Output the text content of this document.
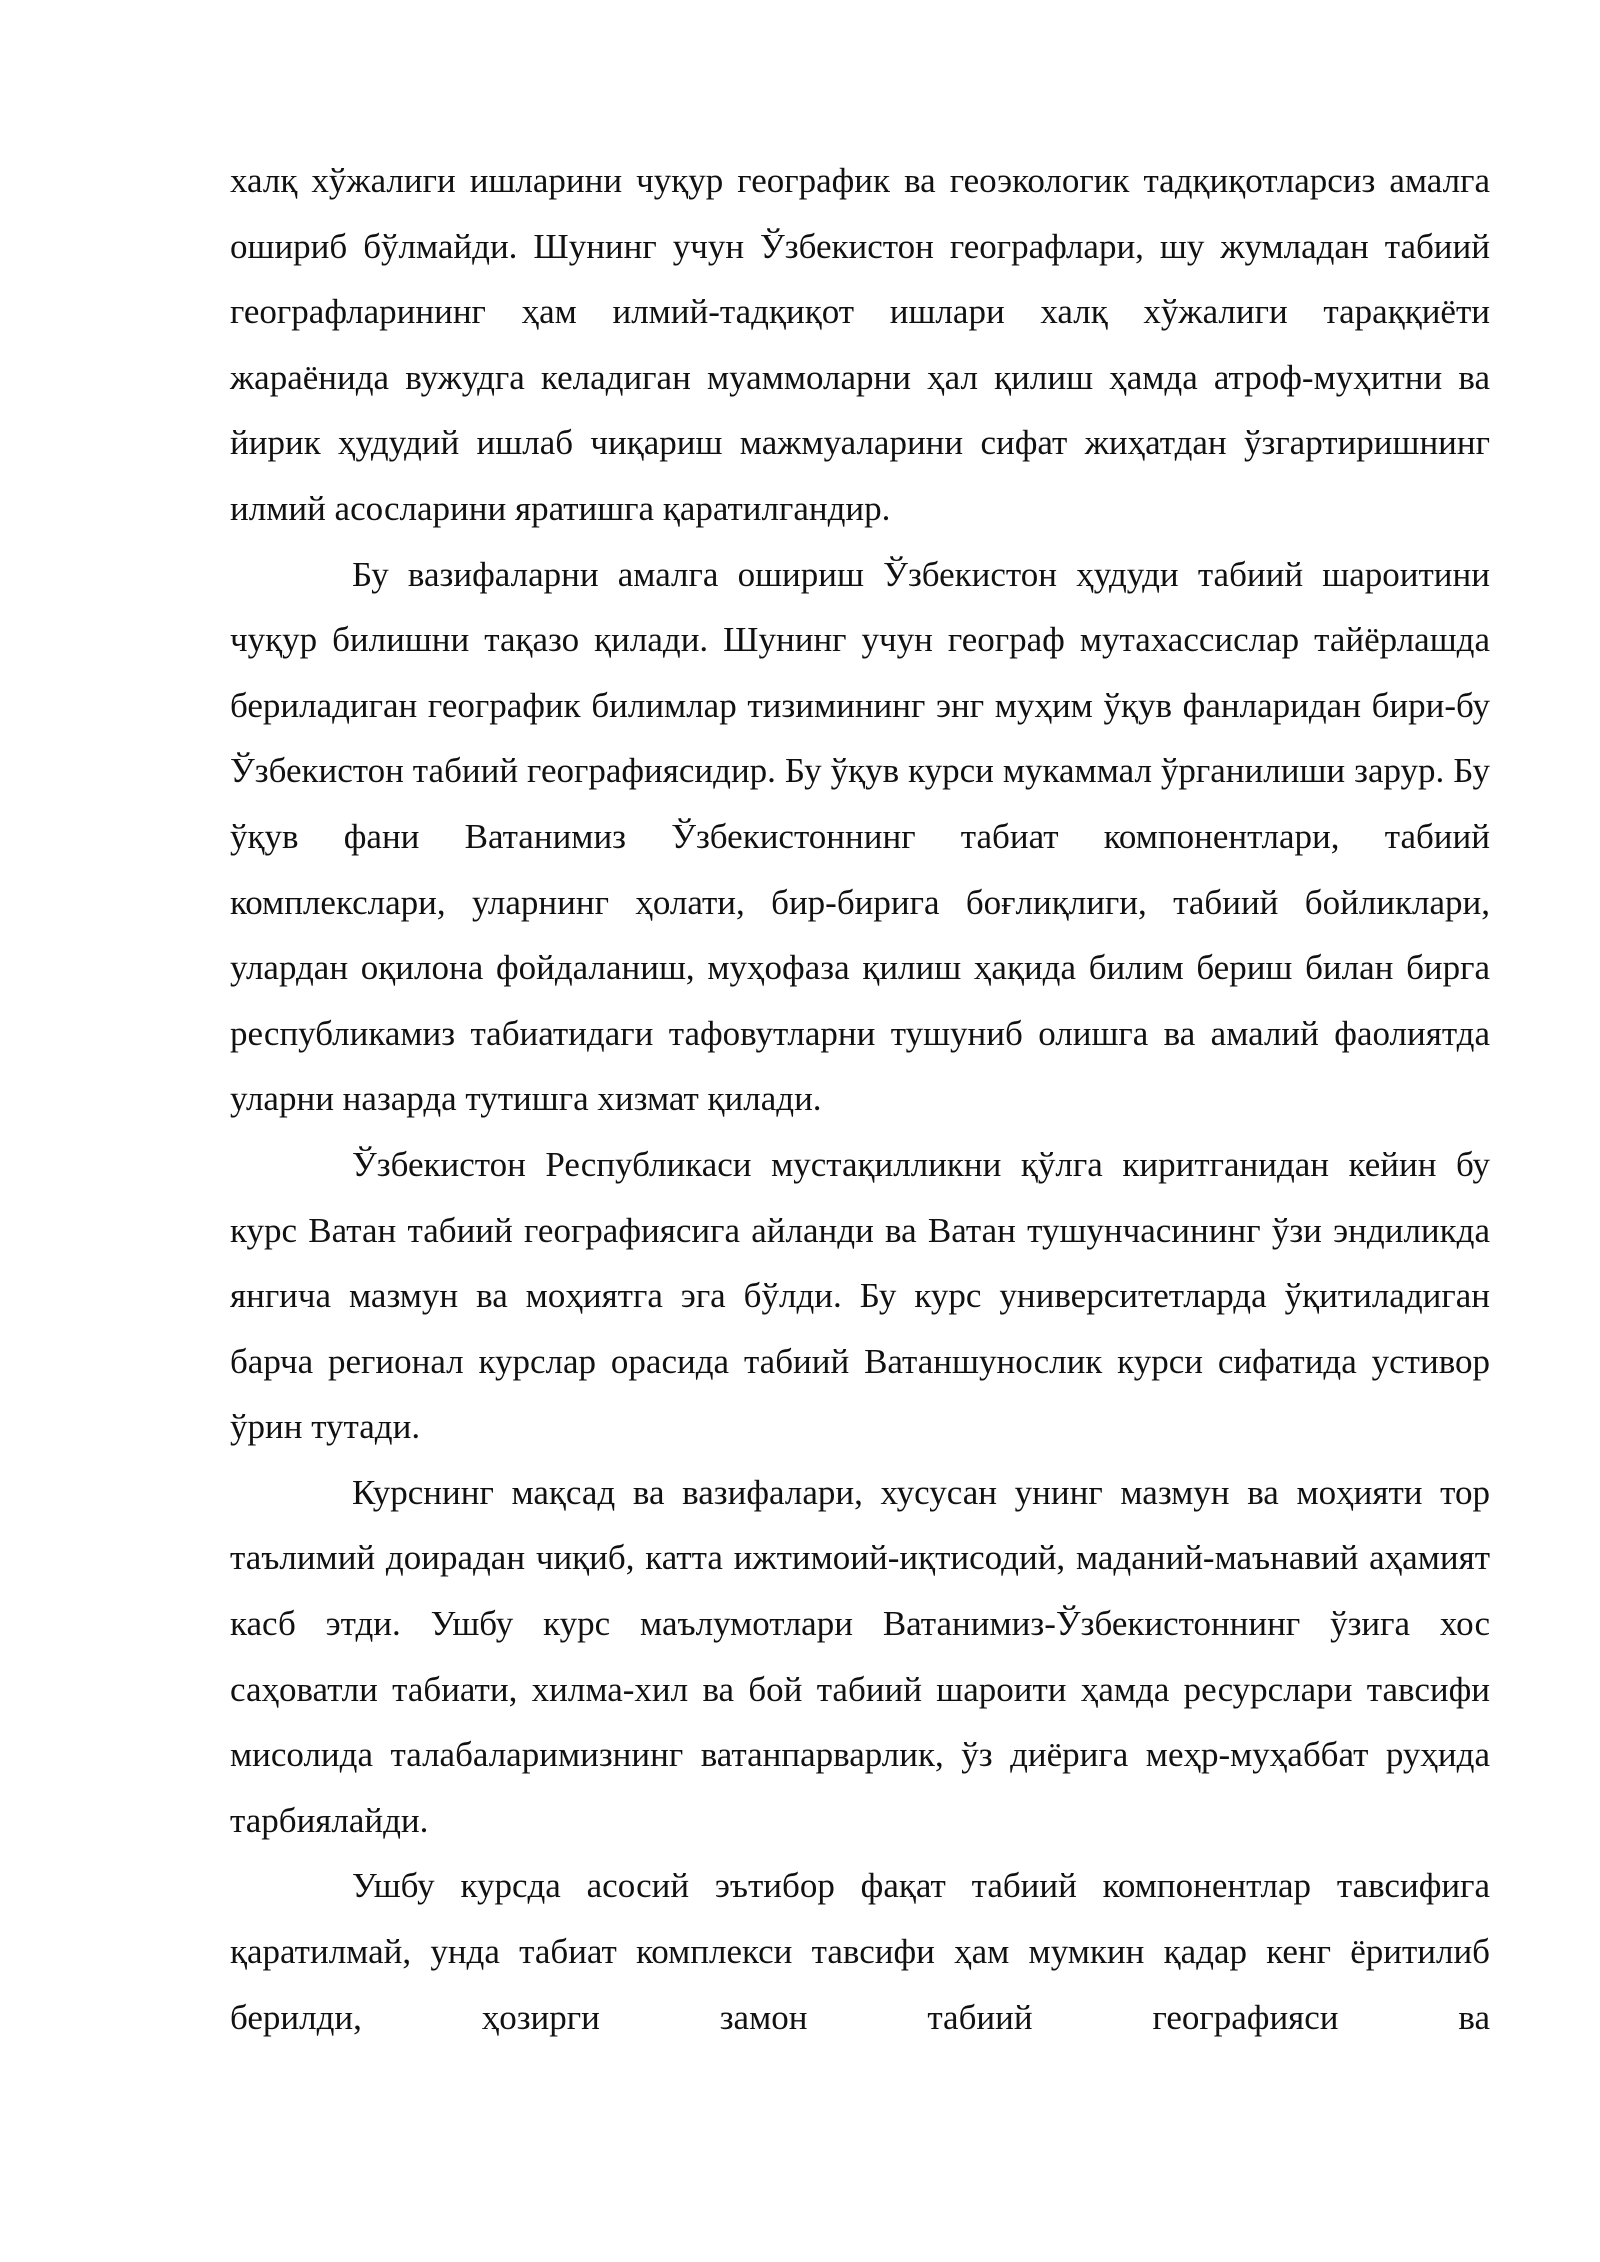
халқ хўжалиги ишларини чуқур географик ва геоэкологик тадқиқотларсиз амалга ошириб бўлмайди. Шунинг учун Ўзбекистон географлари, шу жумладан табиий географларининг ҳам илмий-тадқиқот ишлари халқ хўжалиги тараққиёти жараёнида вужудга келадиган муаммоларни ҳал қилиш ҳамда атроф-муҳитни ва йирик ҳудудий ишлаб чиқариш мажмуаларини сифат жиҳатдан ўзгартиришнинг илмий асосларини яратишга қаратилгандир.

Бу вазифаларни амалга ошириш Ўзбекистон ҳудуди табиий шароитини чуқур билишни тақазо қилади. Шунинг учун географ мутахассислар тайёрлашда бериладиган географик билимлар тизимининг энг муҳим ўқув фанларидан бири-бу Ўзбекистон табиий географиясидир. Бу ўқув курси мукаммал ўрганилиши зарур. Бу ўқув фани Ватанимиз Ўзбекистоннинг табиат компонентлари, табиий комплекслари, уларнинг ҳолати, бир-бирига боғлиқлиги, табиий бойликлари, улардан оқилона фойдаланиш, муҳофаза қилиш ҳақида билим бериш билан бирга республикамиз табиатидаги тафовутларни тушуниб олишга ва амалий фаолиятда уларни назарда тутишга хизмат қилади.

Ўзбекистон Республикаси мустақилликни қўлга киритганидан кейин бу курс Ватан табиий географиясига айланди ва Ватан тушунчасининг ўзи эндиликда янгича мазмун ва моҳиятга эга бўлди. Бу курс университетларда ўқитиладиган барча регионал курслар орасида табиий Ватаншунослик курси сифатида устивор ўрин тутади.

Курснинг мақсад ва вазифалари, хусусан унинг мазмун ва моҳияти тор таълимий доирадан чиқиб, катта ижтимоий-иқтисодий, маданий-маънавий аҳамият касб этди. Ушбу курс маълумотлари Ватанимиз-Ўзбекистоннинг ўзига хос саҳоватли табиати, хилма-хил ва бой табиий шароити ҳамда ресурслари тавсифи мисолида талабаларимизнинг ватанпарварлик, ўз диёрига меҳр-муҳаббат руҳида тарбиялайди.

Ушбу курсда асосий эътибор фақат табиий компонентлар тавсифига қаратилмай, унда табиат комплекси тавсифи ҳам мумкин қадар кенг ёритилиб берилди, ҳозирги замон табиий географияси ва
